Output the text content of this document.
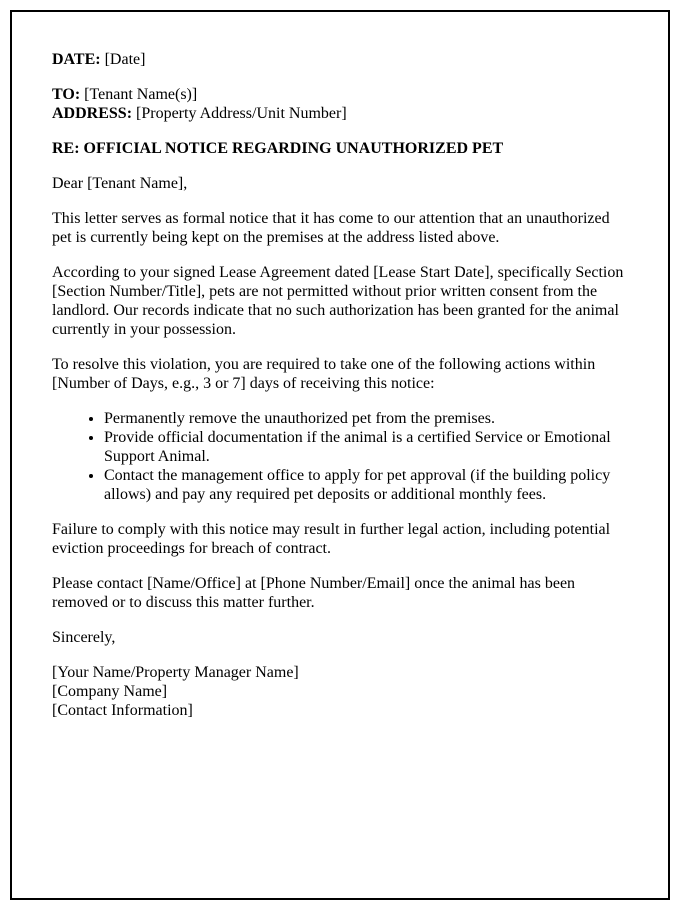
DATE: [Date]

TO: [Tenant Name(s)]

ADDRESS: [Property Address/Unit Number]

RE: OFFICIAL NOTICE REGARDING UNAUTHORIZED PET

Dear [Tenant Name],

This letter serves as formal notice that it has come to our attention that an unauthorized pet is currently being kept on the premises at the address listed above.

According to your signed Lease Agreement dated [Lease Start Date], specifically Section [Section Number/Title], pets are not permitted without prior written consent from the landlord. Our records indicate that no such authorization has been granted for the animal currently in your possession.

To resolve this violation, you are required to take one of the following actions within [Number of Days, e.g., 3 or 7] days of receiving this notice:

• Permanently remove the unauthorized pet from the premises.
• Provide official documentation if the animal is a certified Service or Emotional Support Animal.
• Contact the management office to apply for pet approval (if the building policy allows) and pay any required pet deposits or additional monthly fees.

Failure to comply with this notice may result in further legal action, including potential eviction proceedings for breach of contract.

Please contact [Name/Office] at [Phone Number/Email] once the animal has been removed or to discuss this matter further.

Sincerely,

[Your Name/Property Manager Name]

[Company Name]

[Contact Information]
